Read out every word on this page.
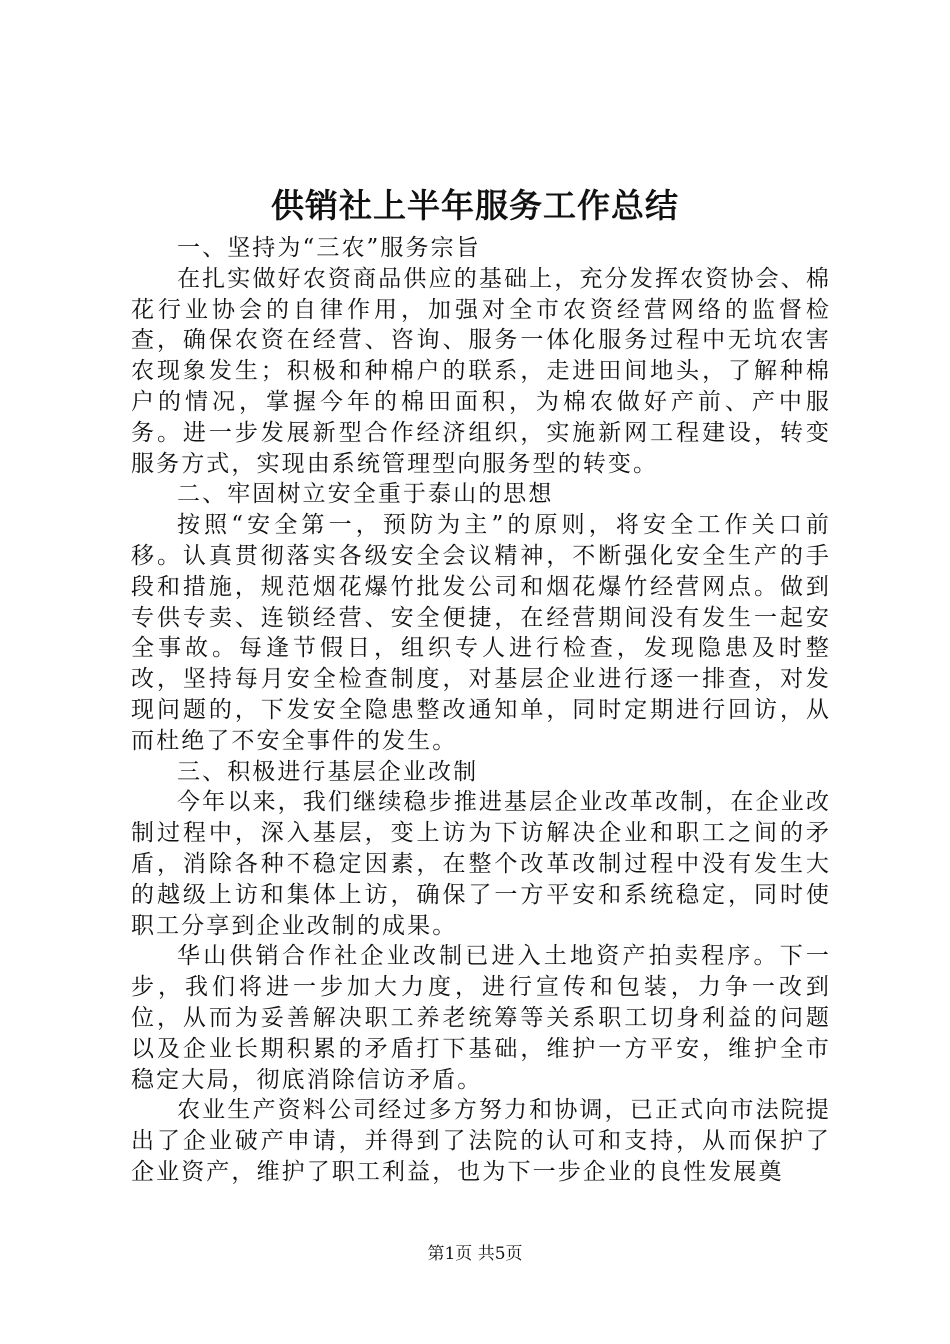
供销社上半年服务工作总结

一、坚持为“三农”服务宗旨

在扎实做好农资商品供应的基础上，充分发挥农资协会、棉花行业协会的自律作用，加强对全市农资经营网络的监督检查，确保农资在经营、咨询、服务一体化服务过程中无坑农害农现象发生；积极和种棉户的联系，走进田间地头，了解种棉户的情况，掌握今年的棉田面积，为棉农做好产前、产中服务。进一步发展新型合作经济组织，实施新网工程建设，转变服务方式，实现由系统管理型向服务型的转变。

二、牢固树立安全重于泰山的思想

按照“安全第一，预防为主”的原则，将安全工作关口前移。认真贯彻落实各级安全会议精神，不断强化安全生产的手段和措施，规范烟花爆竹批发公司和烟花爆竹经营网点。做到专供专卖、连锁经营、安全便捷，在经营期间没有发生一起安全事故。每逢节假日，组织专人进行检查，发现隐患及时整改，坚持每月安全检查制度，对基层企业进行逐一排查，对发现问题的，下发安全隐患整改通知单，同时定期进行回访，从而杜绝了不安全事件的发生。

三、积极进行基层企业改制

今年以来，我们继续稳步推进基层企业改革改制，在企业改制过程中，深入基层，变上访为下访解决企业和职工之间的矛盾，消除各种不稳定因素，在整个改革改制过程中没有发生大的越级上访和集体上访，确保了一方平安和系统稳定，同时使职工分享到企业改制的成果。

华山供销合作社企业改制已进入土地资产拍卖程序。下一步，我们将进一步加大力度，进行宣传和包装，力争一改到位，从而为妥善解决职工养老统筹等关系职工切身利益的问题以及企业长期积累的矛盾打下基础，维护一方平安，维护全市稳定大局，彻底消除信访矛盾。

农业生产资料公司经过多方努力和协调，已正式向市法院提出了企业破产申请，并得到了法院的认可和支持，从而保护了企业资产，维护了职工利益，也为下一步企业的良性发展奠

第1页 共5页
